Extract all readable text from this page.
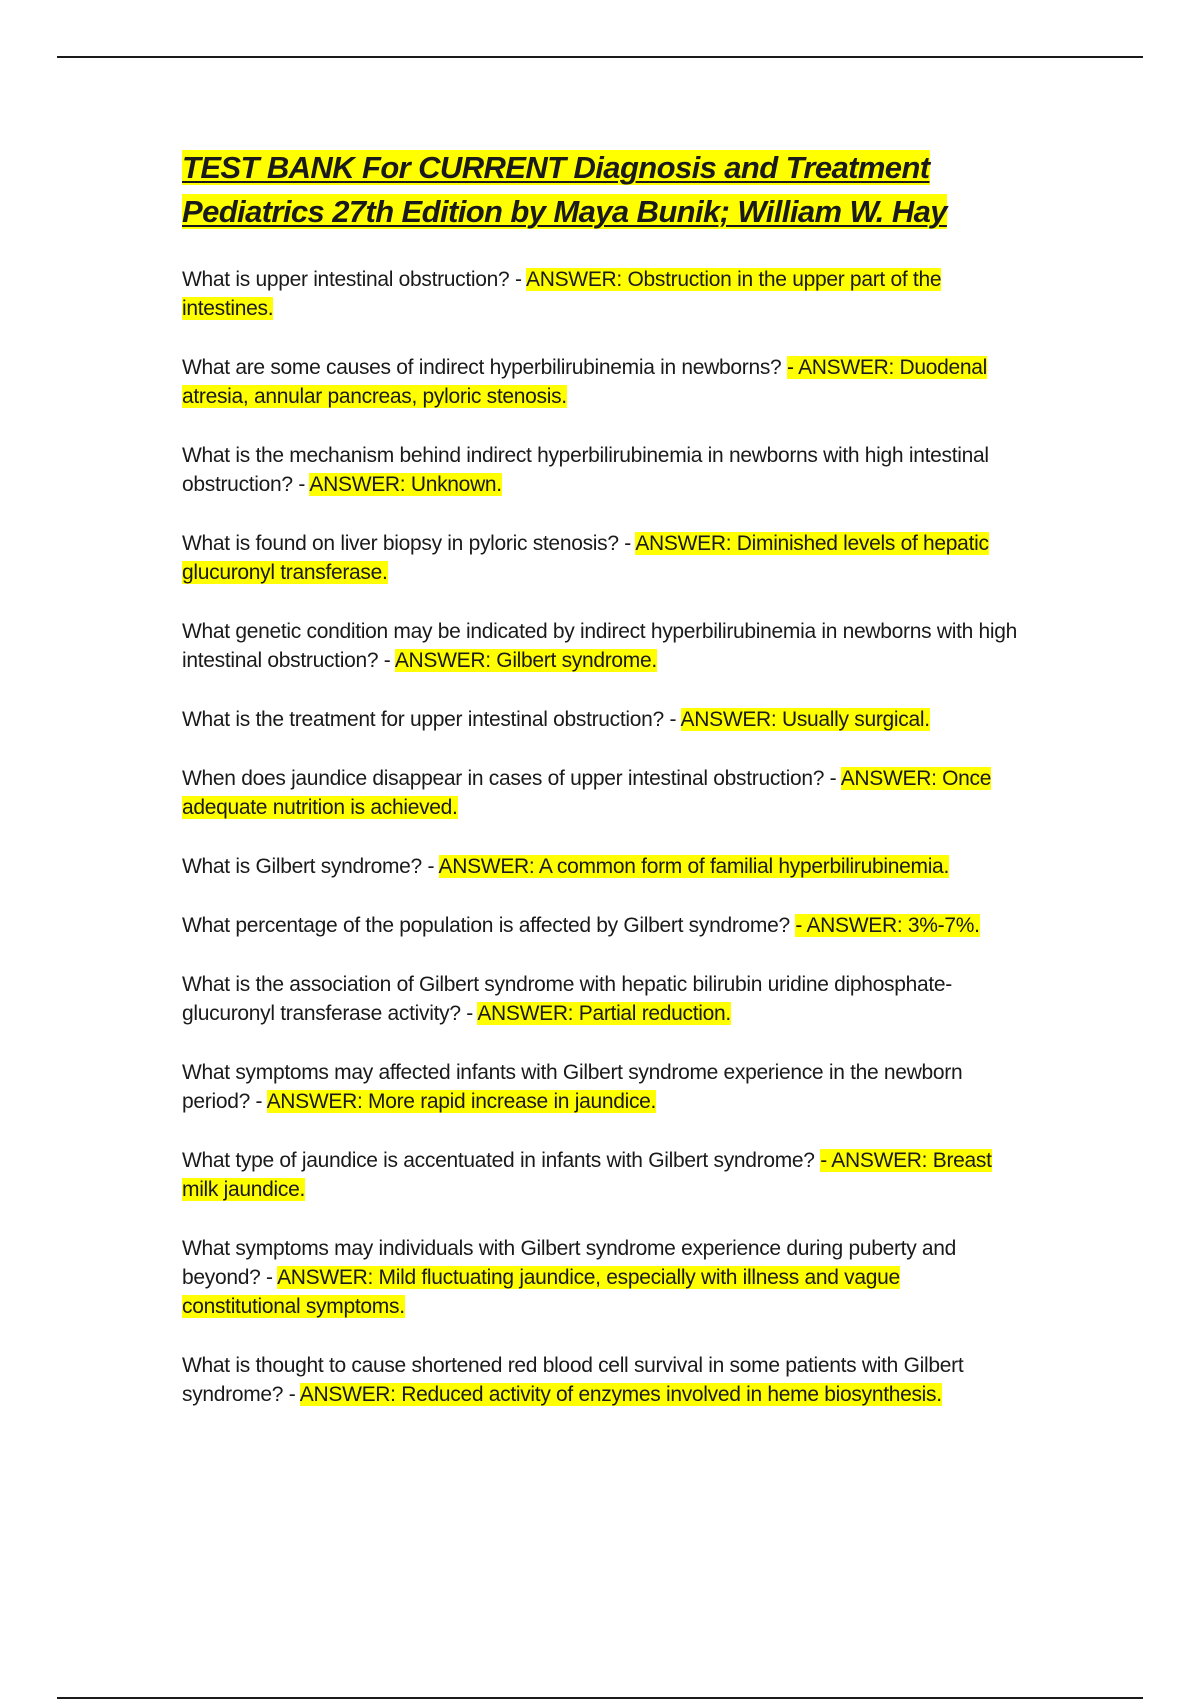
TEST BANK For CURRENT Diagnosis and Treatment Pediatrics 27th Edition by Maya Bunik; William W. Hay
What is upper intestinal obstruction? - ANSWER: Obstruction in the upper part of the intestines.
What are some causes of indirect hyperbilirubinemia in newborns? - ANSWER: Duodenal atresia, annular pancreas, pyloric stenosis.
What is the mechanism behind indirect hyperbilirubinemia in newborns with high intestinal obstruction? - ANSWER: Unknown.
What is found on liver biopsy in pyloric stenosis? - ANSWER: Diminished levels of hepatic glucuronyl transferase.
What genetic condition may be indicated by indirect hyperbilirubinemia in newborns with high intestinal obstruction? - ANSWER: Gilbert syndrome.
What is the treatment for upper intestinal obstruction? - ANSWER: Usually surgical.
When does jaundice disappear in cases of upper intestinal obstruction? - ANSWER: Once adequate nutrition is achieved.
What is Gilbert syndrome? - ANSWER: A common form of familial hyperbilirubinemia.
What percentage of the population is affected by Gilbert syndrome? - ANSWER: 3%-7%.
What is the association of Gilbert syndrome with hepatic bilirubin uridine diphosphate-glucuronyl transferase activity? - ANSWER: Partial reduction.
What symptoms may affected infants with Gilbert syndrome experience in the newborn period? - ANSWER: More rapid increase in jaundice.
What type of jaundice is accentuated in infants with Gilbert syndrome? - ANSWER: Breast milk jaundice.
What symptoms may individuals with Gilbert syndrome experience during puberty and beyond? - ANSWER: Mild fluctuating jaundice, especially with illness and vague constitutional symptoms.
What is thought to cause shortened red blood cell survival in some patients with Gilbert syndrome? - ANSWER: Reduced activity of enzymes involved in heme biosynthesis.
